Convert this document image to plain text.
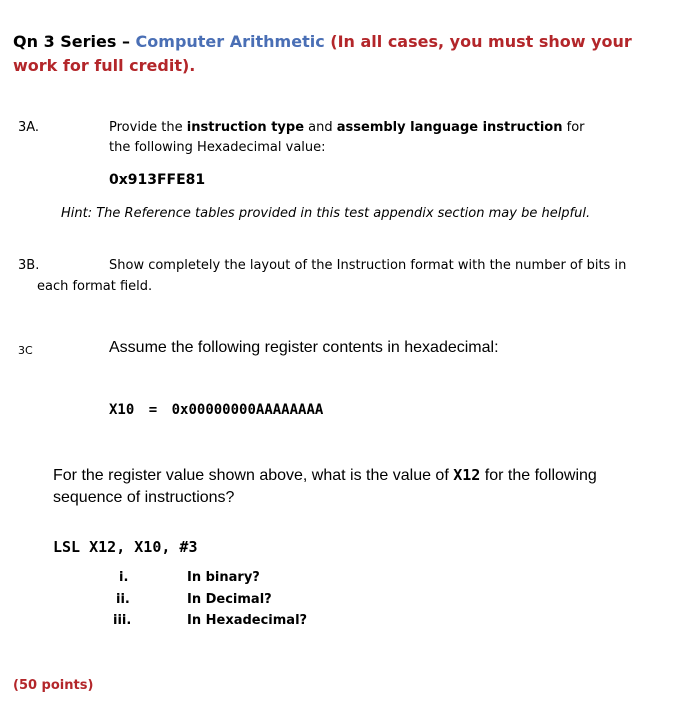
Qn 3 Series – Computer Arithmetic (In all cases, you must show your work for full credit).
3A.	Provide the instruction type and assembly language instruction for the following Hexadecimal value:
0x913FFE81
Hint: The Reference tables provided in this test appendix section may be helpful.
3B.	Show completely the layout of the Instruction format with the number of bits in
each format field.
3C	Assume the following register contents in hexadecimal:
X10 = 0x00000000AAAAAAAA
For the register value shown above, what is the value of X12 for the following sequence of instructions?
LSL X12, X10, #3
i.	In binary?
ii.	In Decimal?
iii.	In Hexadecimal?
(50 points)
